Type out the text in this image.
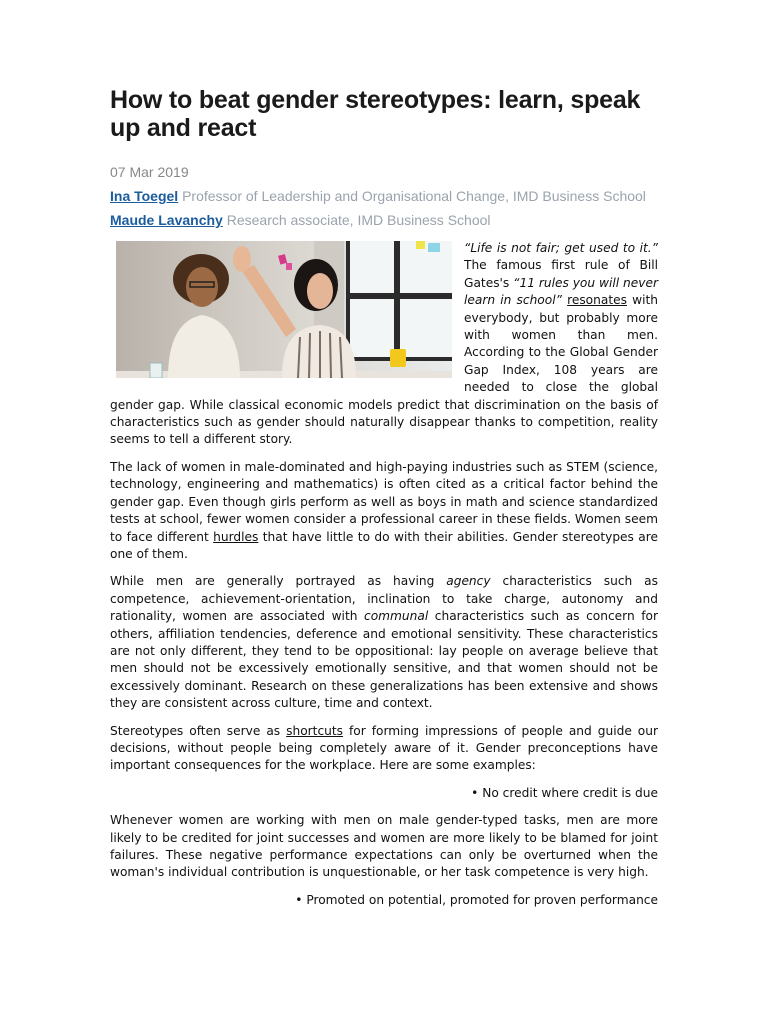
How to beat gender stereotypes: learn, speak up and react
07 Mar 2019
Ina Toegel Professor of Leadership and Organisational Change, IMD Business School
Maude Lavanchy Research associate, IMD Business School

“Life is not fair; get used to it.” The famous first rule of Bill Gates's “11 rules you will never learn in school” resonates with everybody, but probably more with women than men. According to the Global Gender Gap Index, 108 years are needed to close the global gender gap. While classical economic models predict that discrimination on the basis of characteristics such as gender should naturally disappear thanks to competition, reality seems to tell a different story.

The lack of women in male-dominated and high-paying industries such as STEM (science, technology, engineering and mathematics) is often cited as a critical factor behind the gender gap. Even though girls perform as well as boys in math and science standardized tests at school, fewer women consider a professional career in these fields. Women seem to face different hurdles that have little to do with their abilities. Gender stereotypes are one of them.

While men are generally portrayed as having agency characteristics such as competence, achievement-orientation, inclination to take charge, autonomy and rationality, women are associated with communal characteristics such as concern for others, affiliation tendencies, deference and emotional sensitivity. These characteristics are not only different, they tend to be oppositional: lay people on average believe that men should not be excessively emotionally sensitive, and that women should not be excessively dominant. Research on these generalizations has been extensive and shows they are consistent across culture, time and context.

Stereotypes often serve as shortcuts for forming impressions of people and guide our decisions, without people being completely aware of it. Gender preconceptions have important consequences for the workplace. Here are some examples:

• No credit where credit is due

Whenever women are working with men on male gender-typed tasks, men are more likely to be credited for joint successes and women are more likely to be blamed for joint failures. These negative performance expectations can only be overturned when the woman's individual contribution is unquestionable, or her task competence is very high.

• Promoted on potential, promoted for proven performance
